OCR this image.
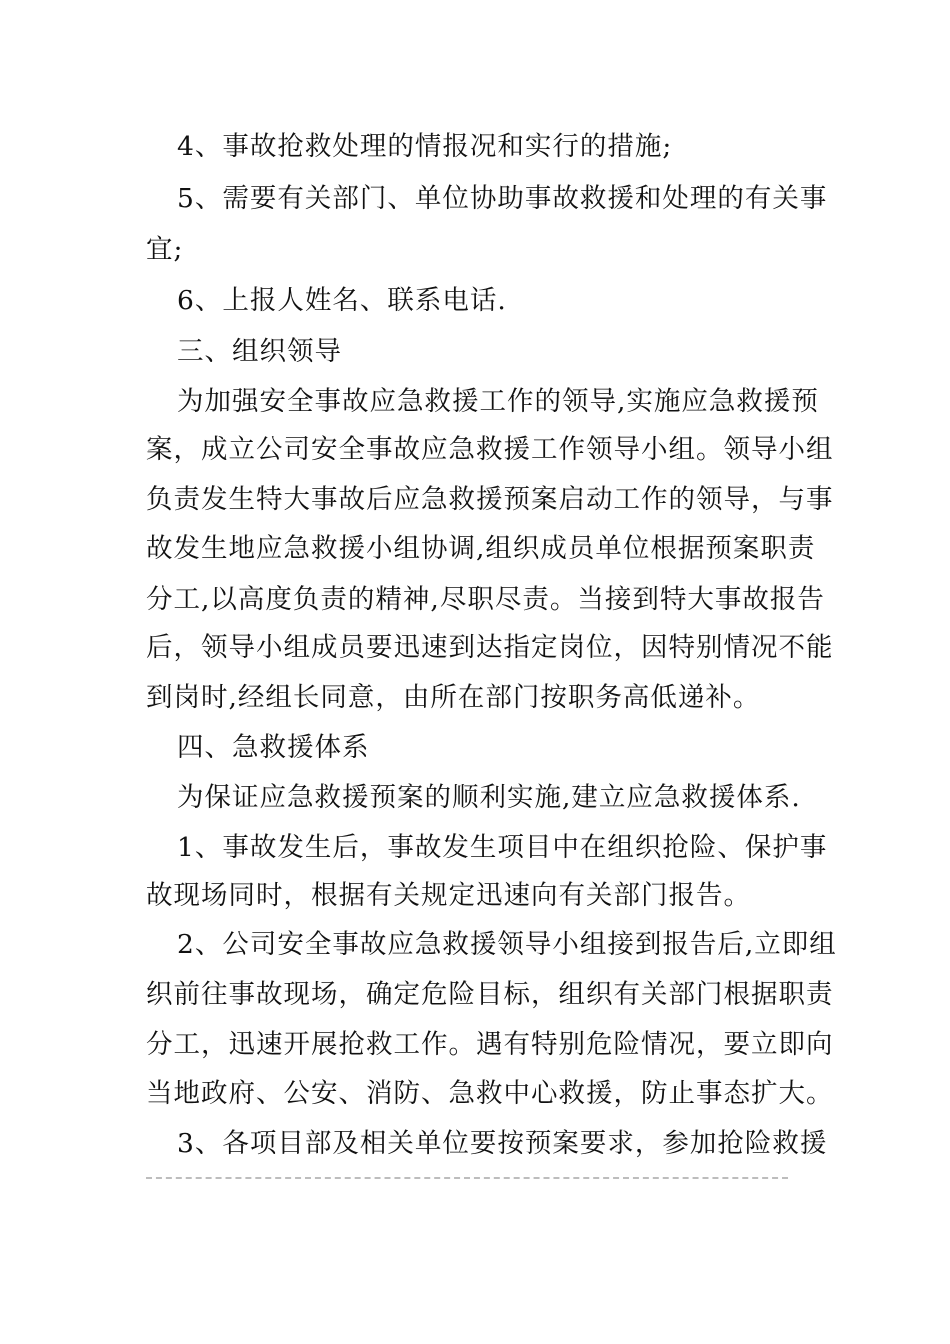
4、事故抢救处理的情报况和实行的措施;
5、需要有关部门、单位协助事故救援和处理的有关事
宜;
6、上报人姓名、联系电话.
三、组织领导
为加强安全事故应急救援工作的领导,实施应急救援预
案，成立公司安全事故应急救援工作领导小组。领导小组
负责发生特大事故后应急救援预案启动工作的领导，与事
故发生地应急救援小组协调,组织成员单位根据预案职责
分工,以高度负责的精神,尽职尽责。当接到特大事故报告
后，领导小组成员要迅速到达指定岗位，因特别情况不能
到岗时,经组长同意，由所在部门按职务高低递补。
四、急救援体系
为保证应急救援预案的顺利实施,建立应急救援体系.
1、事故发生后，事故发生项目中在组织抢险、保护事
故现场同时，根据有关规定迅速向有关部门报告。
2、公司安全事故应急救援领导小组接到报告后,立即组
织前往事故现场，确定危险目标，组织有关部门根据职责
分工，迅速开展抢救工作。遇有特别危险情况，要立即向
当地政府、公安、消防、急救中心救援，防止事态扩大。
3、各项目部及相关单位要按预案要求，参加抢险救援
